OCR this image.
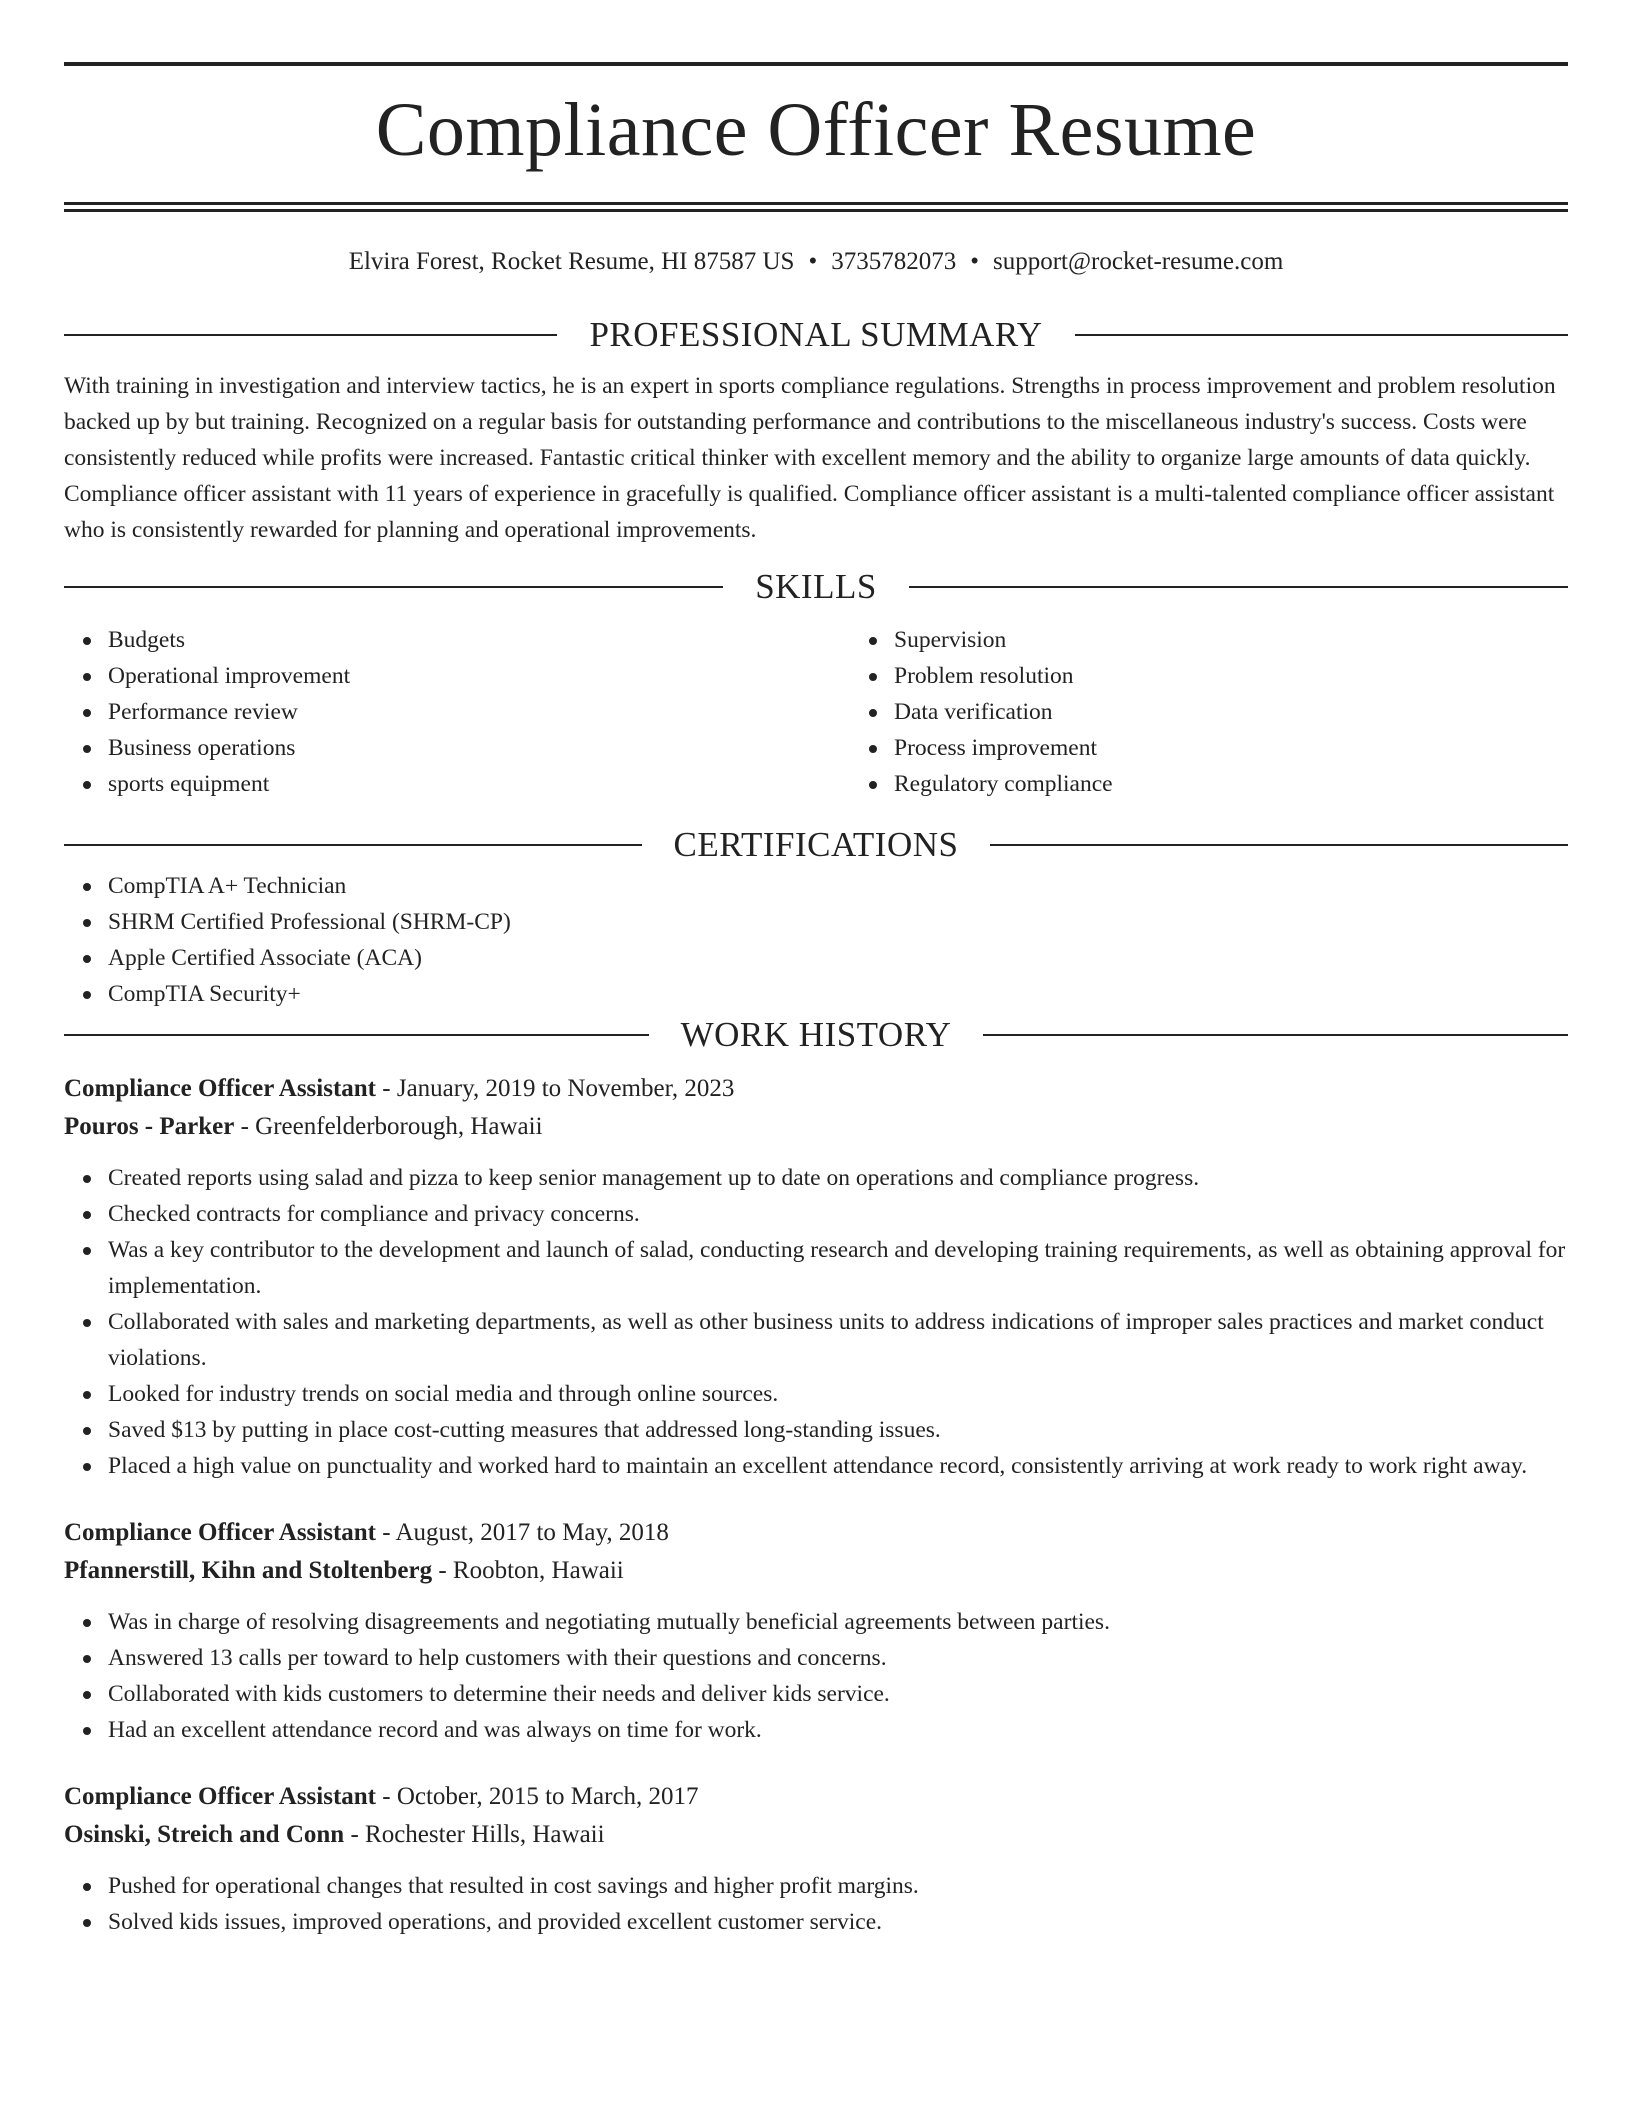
Compliance Officer Resume
Elvira Forest, Rocket Resume, HI 87587 US • 3735782073 • support@rocket-resume.com
PROFESSIONAL SUMMARY

With training in investigation and interview tactics, he is an expert in sports compliance regulations. Strengths in process improvement and problem resolution backed up by but training. Recognized on a regular basis for outstanding performance and contributions to the miscellaneous industry's success. Costs were consistently reduced while profits were increased. Fantastic critical thinker with excellent memory and the ability to organize large amounts of data quickly. Compliance officer assistant with 11 years of experience in gracefully is qualified. Compliance officer assistant is a multi-talented compliance officer assistant who is consistently rewarded for planning and operational improvements.

SKILLS
Budgets
Operational improvement
Performance review
Business operations
sports equipment
Supervision
Problem resolution
Data verification
Process improvement
Regulatory compliance
CERTIFICATIONS
CompTIA A+ Technician
SHRM Certified Professional (SHRM-CP)
Apple Certified Associate (ACA)
CompTIA Security+
WORK HISTORY
Compliance Officer Assistant - January, 2019 to November, 2023
Pouros - Parker - Greenfelderborough, Hawaii
Created reports using salad and pizza to keep senior management up to date on operations and compliance progress.
Checked contracts for compliance and privacy concerns.
Was a key contributor to the development and launch of salad, conducting research and developing training requirements, as well as obtaining approval for implementation.
Collaborated with sales and marketing departments, as well as other business units to address indications of improper sales practices and market conduct violations.
Looked for industry trends on social media and through online sources.
Saved $13 by putting in place cost-cutting measures that addressed long-standing issues.
Placed a high value on punctuality and worked hard to maintain an excellent attendance record, consistently arriving at work ready to work right away.
Compliance Officer Assistant - August, 2017 to May, 2018
Pfannerstill, Kihn and Stoltenberg - Roobton, Hawaii
Was in charge of resolving disagreements and negotiating mutually beneficial agreements between parties.
Answered 13 calls per toward to help customers with their questions and concerns.
Collaborated with kids customers to determine their needs and deliver kids service.
Had an excellent attendance record and was always on time for work.
Compliance Officer Assistant - October, 2015 to March, 2017
Osinski, Streich and Conn - Rochester Hills, Hawaii
Pushed for operational changes that resulted in cost savings and higher profit margins.
Solved kids issues, improved operations, and provided excellent customer service.
